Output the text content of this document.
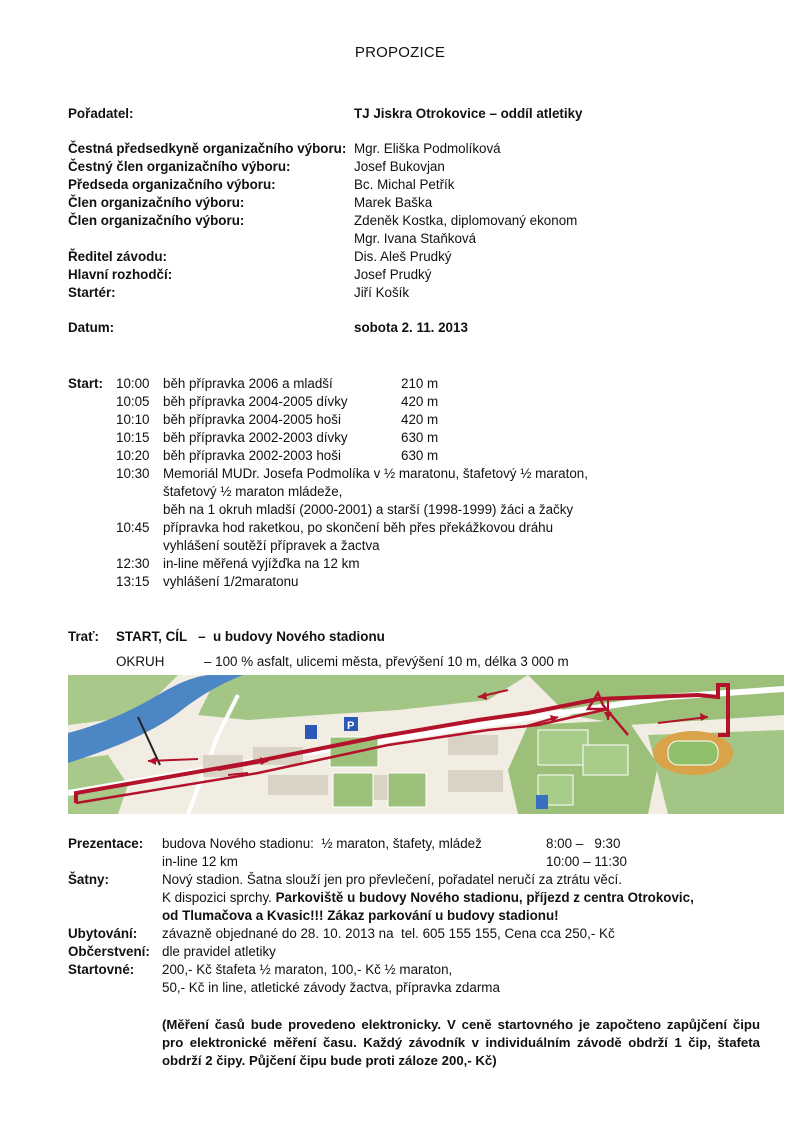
PROPOZICE
Pořadatel:	TJ Jiskra Otrokovice – oddíl atletiky
Čestná předsedkyně organizačního výboru: Mgr. Eliška Podmolíková
Čestný člen organizačního výboru:	Josef Bukovjan
Předseda organizačního výboru:	Bc. Michal Petřík
Člen organizačního výboru:	Marek Baška
Člen organizačního výboru:	Zdeněk Kostka, diplomovaný ekonom
Mgr. Ivana Staňková
Ředitel závodu:	Dis. Aleš Prudký
Hlavní rozhodčí:	Josef Prudký
Startér:	Jiří Košík
Datum:	sobota 2. 11. 2013
Start: 10:00 běh přípravka 2006 a mladší	210 m
10:05 běh přípravka 2004-2005 dívky	420 m
10:10 běh přípravka 2004-2005 hoši	420 m
10:15 běh přípravka 2002-2003 dívky	630 m
10:20 běh přípravka 2002-2003 hoši	630 m
10:30 Memoriál MUDr. Josefa Podmolíka v ½ maratonu, štafetový ½ maraton,
štafetový ½ maraton mládeže,
běh na 1 okruh mladší (2000-2001) a starší (1998-1999) žáci a žačky
10:45 přípravka hod raketkou, po skončení běh přes překážkovou dráhu
vyhlášení soutěží přípravek a žactva
12:30 in-line měřená vyjížďka na 12 km
13:15 vyhlášení 1/2maratonu
Trať: START, CÍL   –  u budovy Nového stadionu
OKRUH	– 100 % asfalt, ulicemi města, převýšení 10 m, délka 3 000 m
P
Prezentace: budova Nového stadionu:  ½ maraton, štafety, mládež	8:00 –   9:30
in-line 12 km	10:00 – 11:30
Šatny:	Nový stadion. Šatna slouží jen pro převlečení, pořadatel neručí za ztrátu věcí.
K dispozici sprchy. Parkoviště u budovy Nového stadionu, příjezd z centra Otrokovic,
od Tlumačova a Kvasic!!! Zákaz parkování u budovy stadionu!
Ubytování: závazně objednané do 28. 10. 2013 na  tel. 605 155 155, Cena cca 250,- Kč
Občerstvení: dle pravidel atletiky
Startovné: 200,- Kč štafeta ½ maraton, 100,- Kč ½ maraton,
50,- Kč in line, atletické závody žactva, přípravka zdarma
(Měření časů bude provedeno elektronicky. V ceně startovného je započteno zapůjčení čipu pro elektronické měření času. Každý závodník v individuálním závodě obdrží 1 čip, štafeta obdrží 2 čipy. Půjčení čipu bude proti záloze 200,- Kč)
